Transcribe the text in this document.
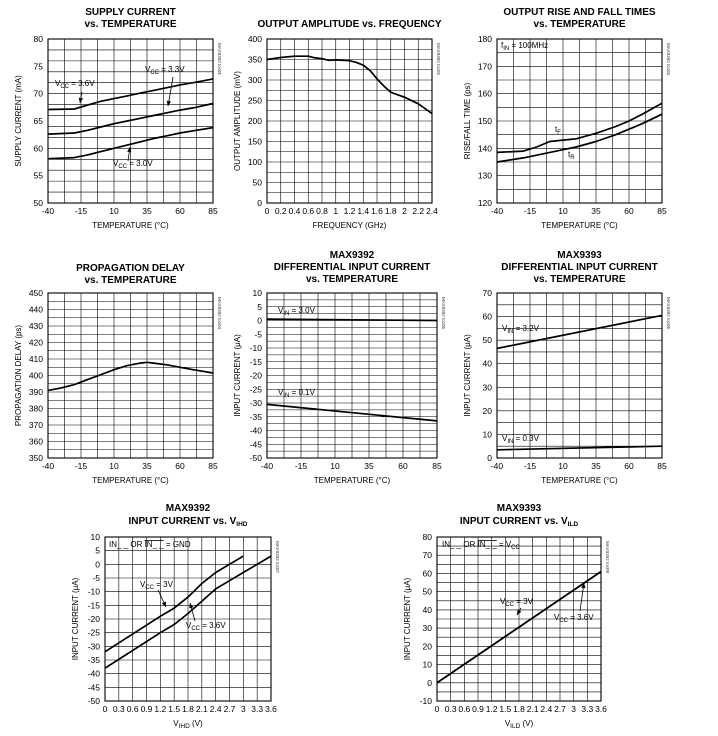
SUPPLY CURRENT
vs. TEMPERATURE
-40 -15	10	35	60	85
50
55
60
65
70
75
80
TEMPERATURE (°C)
SUPPLY CURRENT (mA)
MAX9392 toc01
$V_{CC} = 3.6V$
$V_{CC} = 3.3V$
$V_{CC} = 3.0V$
OUTPUT AMPLITUDE vs. FREQUENCY
0 0.2 0.4 0.6 0.8 1 1.2 1.4 1.6 1.8 2 2.2 2.4
0
50
100
150
200
250
300
350
400
FREQUENCY (GHz)
OUTPUT AMPLITUDE (mV)
MAX9392 toc02
OUTPUT RISE AND FALL TIMES
vs. TEMPERATURE
-40 -15	10	35	60	85
120
130
140
150
160
170
180
TEMPERATURE (°C)
RISE/FALL TIME (ps)
MAX9392 toc03
$f_{IN} = 100MHz$
$t_F$
$t_R$
PROPAGATION DELAY
vs. TEMPERATURE
-40 -15	10	35	60	85
350
360
370
380
390
400
410
420
430
440
450
TEMPERATURE (°C)
PROPAGATION DELAY (ps)
MAX9392 toc04
MAX9392
DIFFERENTIAL INPUT CURRENT
vs. TEMPERATURE
-40	-15	10	35	60	85
-50
-45
-40
-35
-30
-25
-20
-15
-10
-5
0
5
10
TEMPERATURE (°C)
INPUT CURRENT (μA)
MAX9392 toc05
$V_{IN} = 3.0V$
$V_{IN} = 0.1V$
MAX9393
DIFFERENTIAL INPUT CURRENT
vs. TEMPERATURE
-40 -15	10	35	60	85
0
10
20
30
40
50
60
70
TEMPERATURE (°C)
INPUT CURRENT (μA)
MAX9392 toc06
$V_{IN} = 3.2V$
$V_{IN} = 0.3V$
MAX9392
INPUT CURRENT vs. $V_{IHD}$
0 0.3 0.6 0.9 1.2 1.5 1.8 2.1 2.4 2.7 3 3.3 3.6
-50
-45
-40
-35
-30
-25
-20
-15
-10
-5
0
5
10
$V_{IHD}$ (V)
INPUT CURRENT (μA)
MAX9392 toc07
IN_ _ OR IN_ _ = GND
$V_{CC} = 3V$
$V_{CC} = 3.6V$
MAX9393
INPUT CURRENT vs. $V_{ILD}$
0 0.3 0.6 0.9 1.2 1.5 1.8 2.1 2.4 2.7 3 3.3 3.6
-10
0
10
20
30
40
50
60
70
80
$V_{ILD}$ (V)
INPUT CURRENT (μA)
MAX9392 toc08
IN_ _ OR IN_ _ = $V_{CC}$
$V_{CC} = 3V$
$V_{CC} = 3.6V$
